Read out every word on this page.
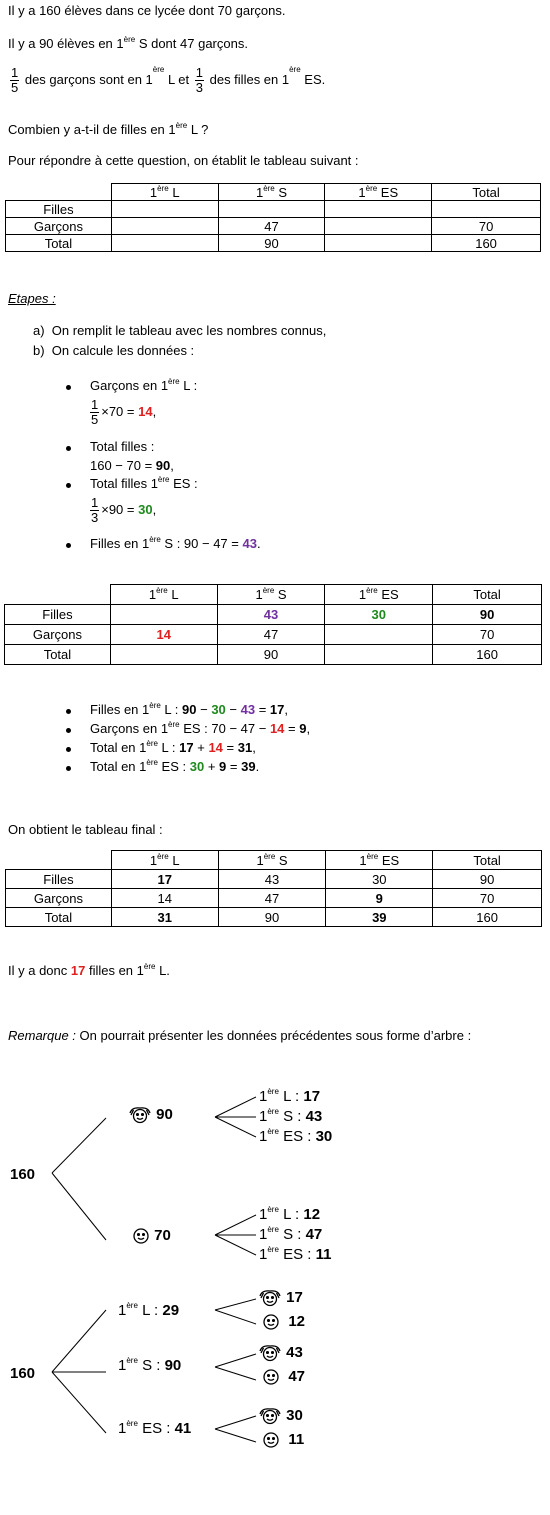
Il y a 160 élèves dans ce lycée dont 70 garçons.
Il y a 90 élèves en 1ère S dont 47 garçons.
$\frac{1}{5}$ des garçons sont en 1ère L et $\frac{1}{3}$ des filles en 1ère ES.
Combien y a-t-il de filles en 1ère L ?
Pour répondre à cette question, on établit le tableau suivant :
	1ère L	1ère S	1ère ES	Total
Filles				
Garçons		47		70
Total		90		160
Etapes :
a) On remplit le tableau avec les nombres connus,
b) On calcule les données :
Garçons en 1ère L :
$\frac{1}{5} \times 70 = 14$,
Total filles :
160 − 70 = 90,
Total filles 1ère ES :
$\frac{1}{3} \times 90 = 30$,
Filles en 1ère S : 90 − 47 = 43.
	1ère L	1ère S	1ère ES	Total
Filles		43	30	90
Garçons	14	47		70
Total		90		160
Filles en 1ère L : 90 − 30 − 43 = 17,
Garçons en 1ère ES : 70 − 47 − 14 = 9,
Total en 1ère L : 17 + 14 = 31,
Total en 1ère ES : 30 + 9 = 39.
On obtient le tableau final :
	1ère L	1ère S	1ère ES	Total
Filles	17	43	30	90
Garçons	14	47	9	70
Total	31	90	39	160
Il y a donc 17 filles en 1ère L.
Remarque : On pourrait présenter les données précédentes sous forme d’arbre :
160
90
70
1ère L : 17
1ère S : 43
1ère ES : 30
1ère L : 12
1ère S : 47
1ère ES : 11
160
1ère L : 29
1ère S : 90
1ère ES : 41
17
12
43
47
30
11
